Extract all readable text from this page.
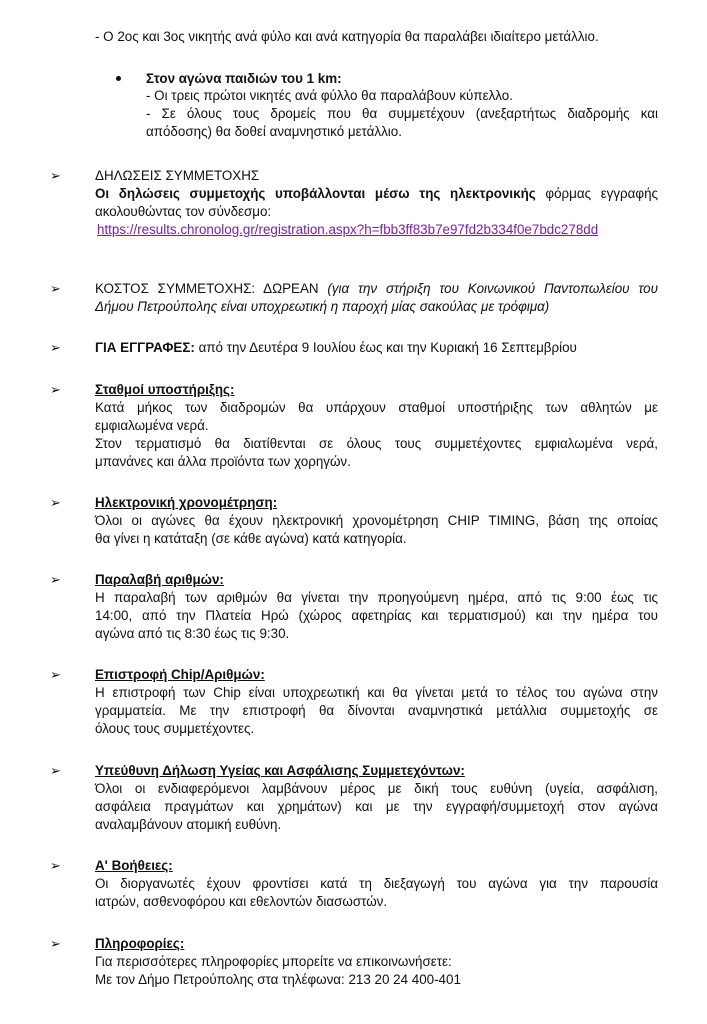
- Ο 2ος και 3ος νικητής ανά φύλο και ανά κατηγορία θα παραλάβει ιδιαίτερο μετάλλιο.
Στον αγώνα παιδιών του 1 km:
- Οι τρεις πρώτοι νικητές ανά φύλλο θα παραλάβουν κύπελλο.
- Σε όλους τους δρομείς που θα συμμετέχουν (ανεξαρτήτως διαδρομής και
απόδοσης) θα δοθεί αναμνηστικό μετάλλιο.
➢	ΔΗΛΩΣΕΙΣ ΣΥΜΜΕΤΟΧΗΣ
Οι δηλώσεις συμμετοχής υποβάλλονται μέσω της ηλεκτρονικής φόρμας εγγραφής
ακολουθώντας τον σύνδεσμο:
https://results.chronolog.gr/registration.aspx?h=fbb3ff83b7e97fd2b334f0e7bdc278dd
➢	ΚΟΣΤΟΣ ΣΥΜΜΕΤΟΧΗΣ: ΔΩΡΕΑΝ (για την στήριξη του Κοινωνικού Παντοπωλείου του
Δήμου Πετρούπολης είναι υποχρεωτική η παροχή μίας σακούλας με τρόφιμα)
➢	ΓΙΑ ΕΓΓΡΑΦΕΣ: από την Δευτέρα 9 Ιουλίου έως και την Κυριακή 16 Σεπτεμβρίου
➢	Σταθμοί υποστήριξης:
Κατά μήκος των διαδρομών θα υπάρχουν σταθμοί υποστήριξης των αθλητών με
εμφιαλωμένα νερά.
Στον τερματισμό θα διατίθενται σε όλους τους συμμετέχοντες εμφιαλωμένα νερά,
μπανάνες και άλλα προϊόντα των χορηγών.
➢	Ηλεκτρονική χρονομέτρηση:
Όλοι οι αγώνες θα έχουν ηλεκτρονική χρονομέτρηση CHIP TIMING, βάση της οποίας
θα γίνει η κατάταξη (σε κάθε αγώνα) κατά κατηγορία.
➢	Παραλαβή αριθμών:
Η παραλαβή των αριθμών θα γίνεται την προηγούμενη ημέρα, από τις 9:00 έως τις
14:00, από την Πλατεία Ηρώ (χώρος αφετηρίας και τερματισμού) και την ημέρα του
αγώνα από τις 8:30 έως τις 9:30.
➢	Επιστροφή Chip/Αριθμών:
Η επιστροφή των Chip είναι υποχρεωτική και θα γίνεται μετά το τέλος του αγώνα στην
γραμματεία. Με την επιστροφή θα δίνονται αναμνηστικά μετάλλια συμμετοχής σε
όλους τους συμμετέχοντες.
➢	Υπεύθυνη Δήλωση Υγείας και Ασφάλισης Συμμετεχόντων:
Όλοι οι ενδιαφερόμενοι λαμβάνουν μέρος με δική τους ευθύνη (υγεία, ασφάλιση,
ασφάλεια πραγμάτων και χρημάτων) και με την εγγραφή/συμμετοχή στον αγώνα
αναλαμβάνουν ατομική ευθύνη.
➢	Α' Βοήθειες:
Οι διοργανωτές έχουν φροντίσει κατά τη διεξαγωγή του αγώνα για την παρουσία
ιατρών, ασθενοφόρου και εθελοντών διασωστών.
➢	Πληροφορίες:
Για περισσότερες πληροφορίες μπορείτε να επικοινωνήσετε:
Με τον Δήμο Πετρούπολης στα τηλέφωνα: 213 20 24 400-401
